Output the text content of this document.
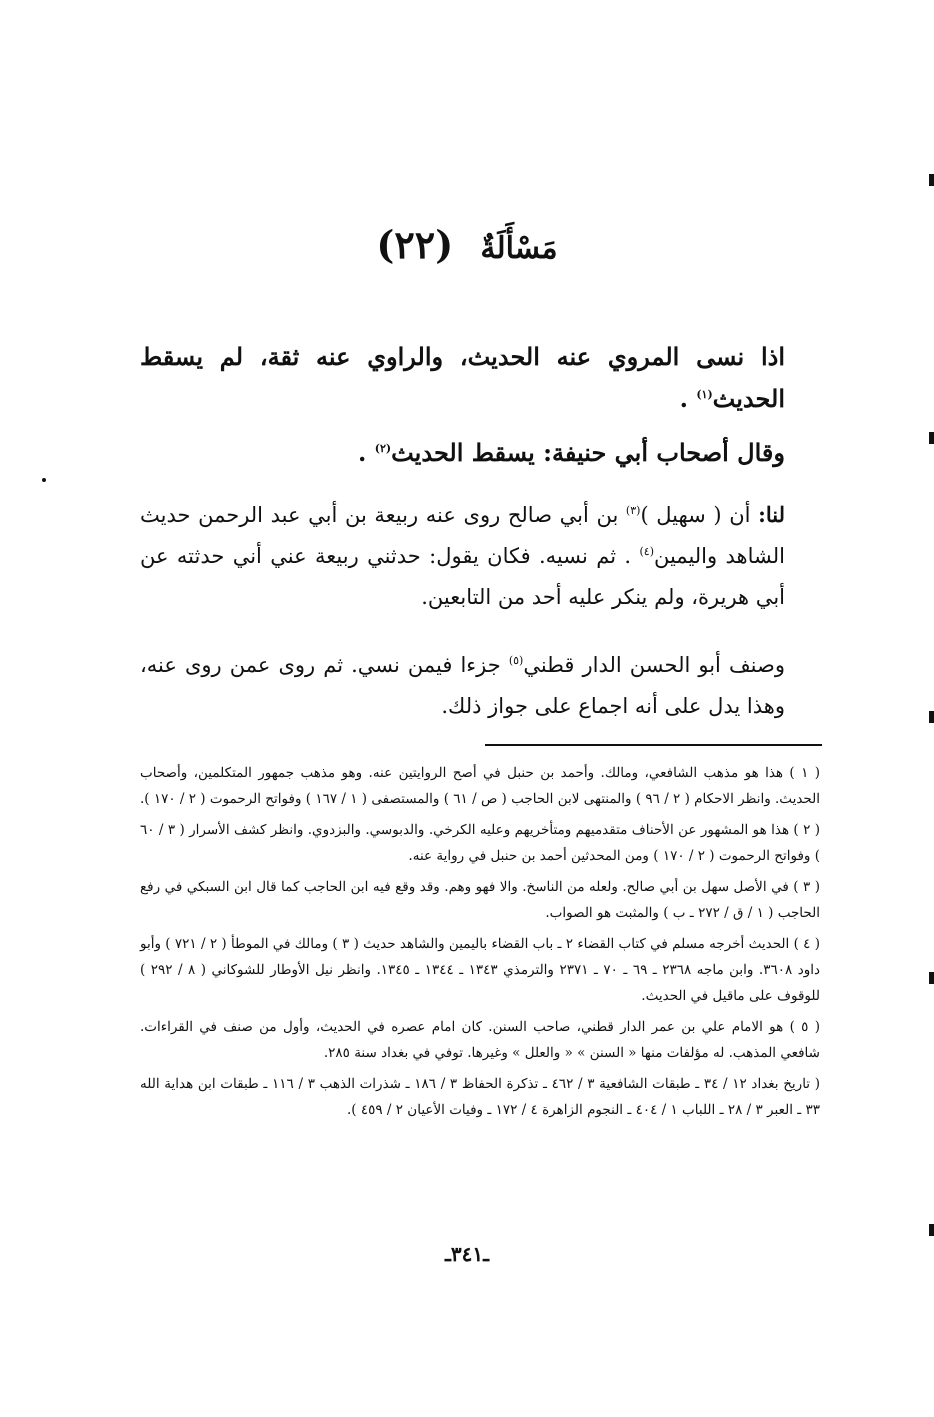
مَسْأَلَةٌ (٢٢)
اذا نسى المروي عنه الحديث، والراوي عنه ثقة، لم يسقط الحديث$^{(١)}$ .
وقال أصحاب أبي حنيفة: يسقط الحديث$^{(٢)}$ .
لنا: أن ( سهيل )$^{(٣)}$ بن أبي صالح روى عنه ربيعة بن أبي عبد الرحمن حديث الشاهد واليمين$^{(٤)}$ . ثم نسيه. فكان يقول: حدثني ربيعة عني أني حدثته عن أبي هريرة، ولم ينكر عليه أحد من التابعين.
وصنف أبو الحسن الدار قطني$^{(٥)}$ جزءا فيمن نسي. ثم روى عمن روى عنه، وهذا يدل على أنه اجماع على جواز ذلك.

( ١ ) هذا هو مذهب الشافعي، ومالك. وأحمد بن حنبل في أصح الروايتين عنه. وهو مذهب جمهور المتكلمين، وأصحاب الحديث. وانظر الاحكام ( ٢ / ٩٦ ) والمنتهى لابن الحاجب ( ص / ٦١ ) والمستصفى ( ١ / ١٦٧ ) وفواتح الرحموت ( ٢ / ١٧٠ ).

( ٢ ) هذا هو المشهور عن الأحناف متقدميهم ومتأخريهم وعليه الكرخي. والدبوسي. والبزدوي. وانظر كشف الأسرار ( ٣ / ٦٠ ) وفواتح الرحموت ( ٢ / ١٧٠ ) ومن المحدثين أحمد بن حنبل في رواية عنه.

( ٣ ) في الأصل سهل بن أبي صالح. ولعله من الناسخ. والا فهو وهم. وقد وقع فيه ابن الحاجب كما قال ابن السبكي في رفع الحاجب ( ١ / ق / ٢٧٢ ـ ب ) والمثبت هو الصواب.

( ٤ ) الحديث أخرجه مسلم في كتاب القضاء ٢ ـ باب القضاء باليمين والشاهد حديث ( ٣ ) ومالك في الموطأ ( ٢ / ٧٢١ ) وأبو داود ٣٦٠٨. وابن ماجه ٢٣٦٨ ـ ٦٩ ـ ٧٠ ـ ٢٣٧١ والترمذي ١٣٤٣ ـ ١٣٤٤ ـ ١٣٤٥. وانظر نيل الأوطار للشوكاني ( ٨ / ٢٩٢ ) للوقوف على ماقيل في الحديث.

( ٥ ) هو الامام علي بن عمر الدار قطني، صاحب السنن. كان امام عصره في الحديث، وأول من صنف في القراءات. شافعي المذهب. له مؤلفات منها « السنن » « والعلل » وغيرها. توفي في بغداد سنة ٢٨٥.

( تاريخ بغداد ١٢ / ٣٤ ـ طبقات الشافعية ٣ / ٤٦٢ ـ تذكرة الحفاظ ٣ / ١٨٦ ـ شذرات الذهب ٣ / ١١٦ ـ طبقات ابن هداية الله ٣٣ ـ العبر ٣ / ٢٨ ـ اللباب ١ / ٤٠٤ ـ النجوم الزاهرة ٤ / ١٧٢ ـ وفيات الأعيان ٢ / ٤٥٩ ).

ـ٣٤١ـ
